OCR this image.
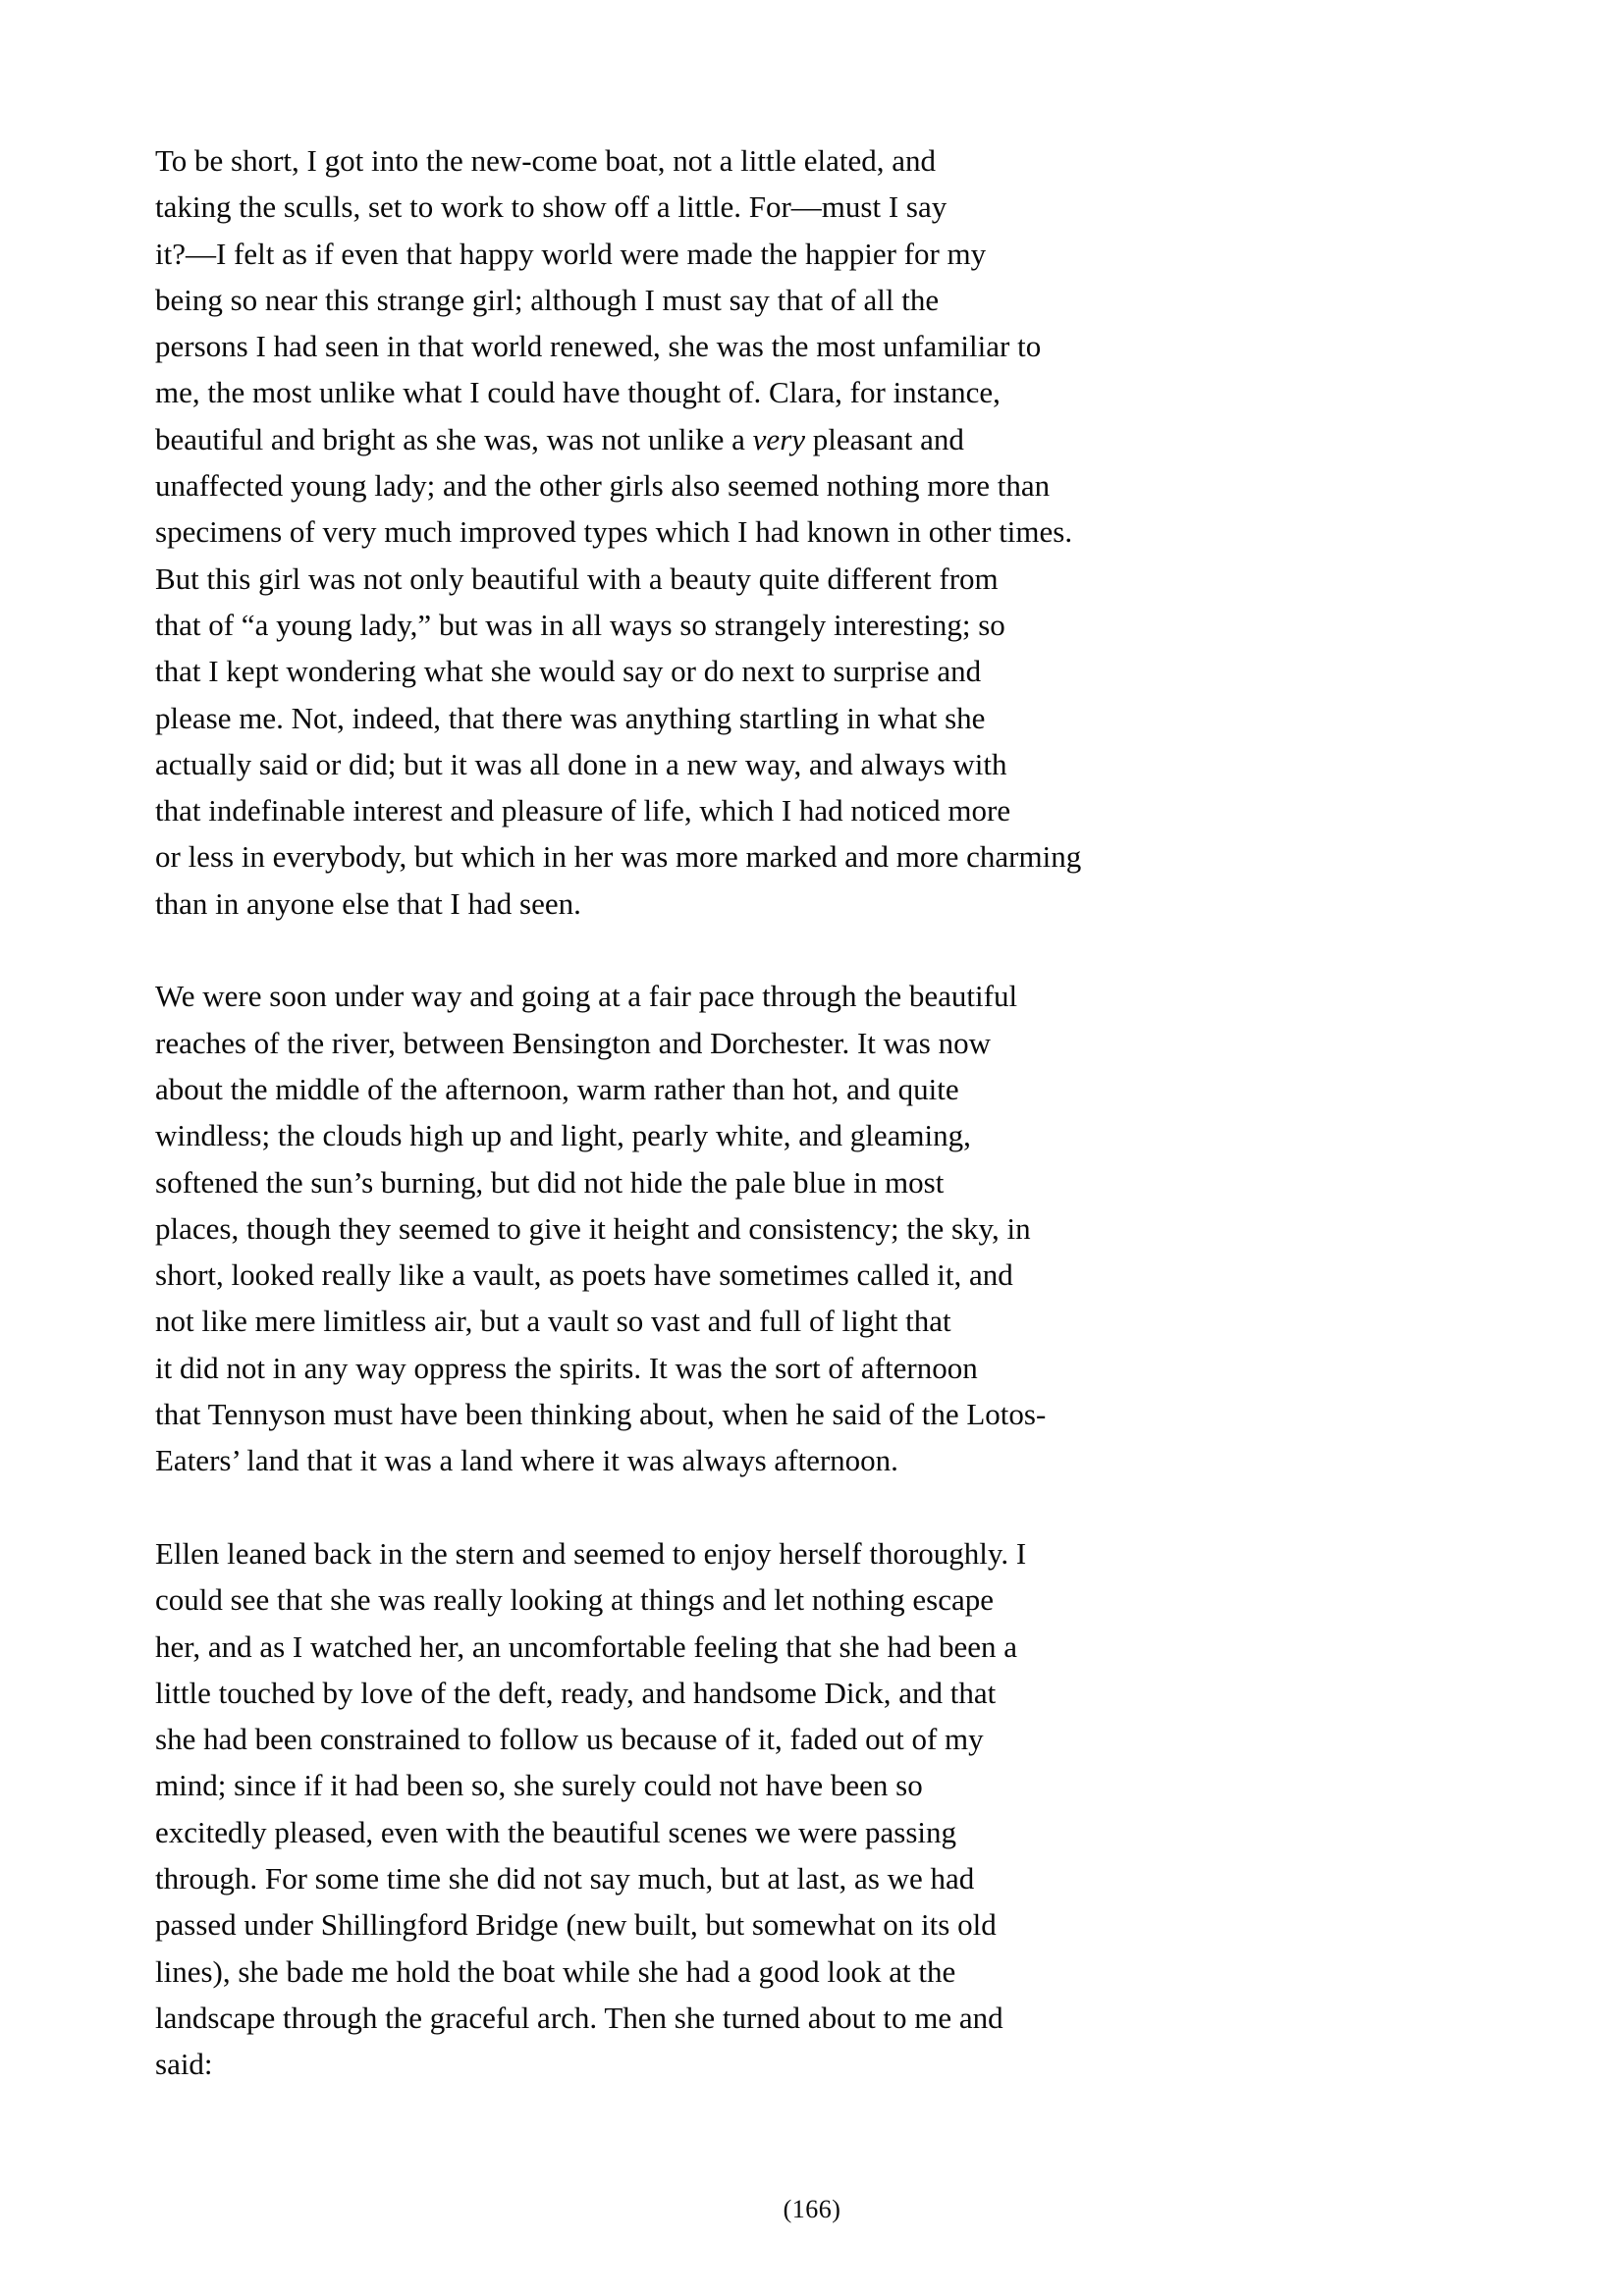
To be short, I got into the new-come boat, not a little elated, and
taking the sculls, set to work to show off a little. For—must I say
it?—I felt as if even that happy world were made the happier for my
being so near this strange girl; although I must say that of all the
persons I had seen in that world renewed, she was the most unfamiliar to
me, the most unlike what I could have thought of. Clara, for instance,
beautiful and bright as she was, was not unlike a very pleasant and
unaffected young lady; and the other girls also seemed nothing more than
specimens of very much improved types which I had known in other times.
But this girl was not only beautiful with a beauty quite different from
that of “a young lady,” but was in all ways so strangely interesting; so
that I kept wondering what she would say or do next to surprise and
please me. Not, indeed, that there was anything startling in what she
actually said or did; but it was all done in a new way, and always with
that indefinable interest and pleasure of life, which I had noticed more
or less in everybody, but which in her was more marked and more charming
than in anyone else that I had seen.
We were soon under way and going at a fair pace through the beautiful
reaches of the river, between Bensington and Dorchester. It was now
about the middle of the afternoon, warm rather than hot, and quite
windless; the clouds high up and light, pearly white, and gleaming,
softened the sun’s burning, but did not hide the pale blue in most
places, though they seemed to give it height and consistency; the sky, in
short, looked really like a vault, as poets have sometimes called it, and
not like mere limitless air, but a vault so vast and full of light that
it did not in any way oppress the spirits. It was the sort of afternoon
that Tennyson must have been thinking about, when he said of the Lotos-
Eaters’ land that it was a land where it was always afternoon.
Ellen leaned back in the stern and seemed to enjoy herself thoroughly. I
could see that she was really looking at things and let nothing escape
her, and as I watched her, an uncomfortable feeling that she had been a
little touched by love of the deft, ready, and handsome Dick, and that
she had been constrained to follow us because of it, faded out of my
mind; since if it had been so, she surely could not have been so
excitedly pleased, even with the beautiful scenes we were passing
through. For some time she did not say much, but at last, as we had
passed under Shillingford Bridge (new built, but somewhat on its old
lines), she bade me hold the boat while she had a good look at the
landscape through the graceful arch. Then she turned about to me and
said:
(166)
